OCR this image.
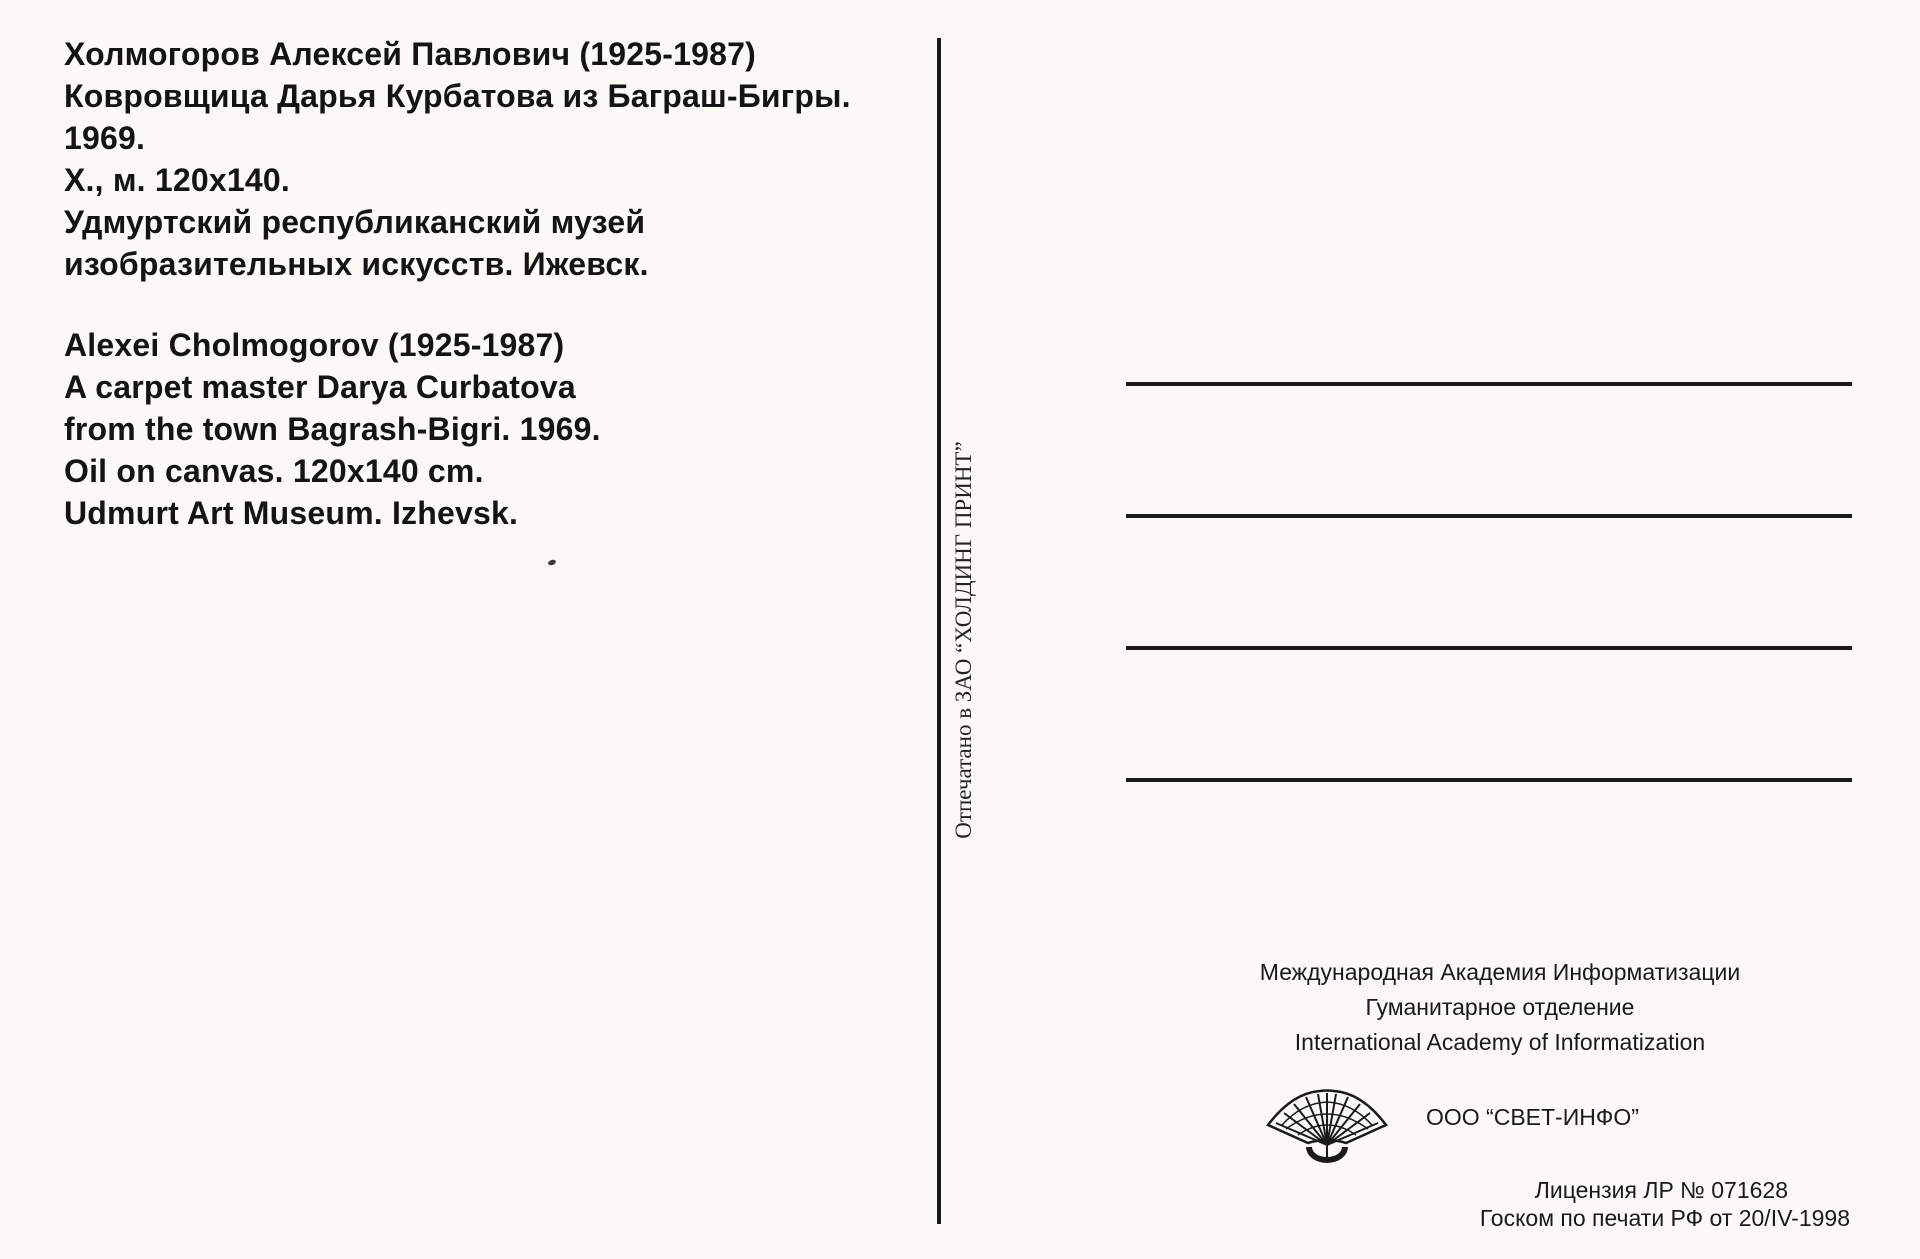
Холмогоров Алексей Павлович (1925-1987)
Ковровщица Дарья Курбатова из Баграш-Бигры.
1969.
Х., м. 120х140.
Удмуртский республиканский музей
изобразительных искусств. Ижевск.
Alexei Cholmogorov (1925-1987)
A carpet master Darya Curbatova
from the town Bagrash-Bigri. 1969.
Oil on canvas. 120x140 cm.
Udmurt Art Museum. Izhevsk.	Отпечатано в ЗАО “ХОЛДИНГ ПРИНТ”
Международная Академия Информатизации
Гуманитарное отделение
International Academy of Informatization
ООО “СВЕТ-ИНФО”
Лицензия ЛР № 071628
Госком по печати РФ от 20/IV-1998
